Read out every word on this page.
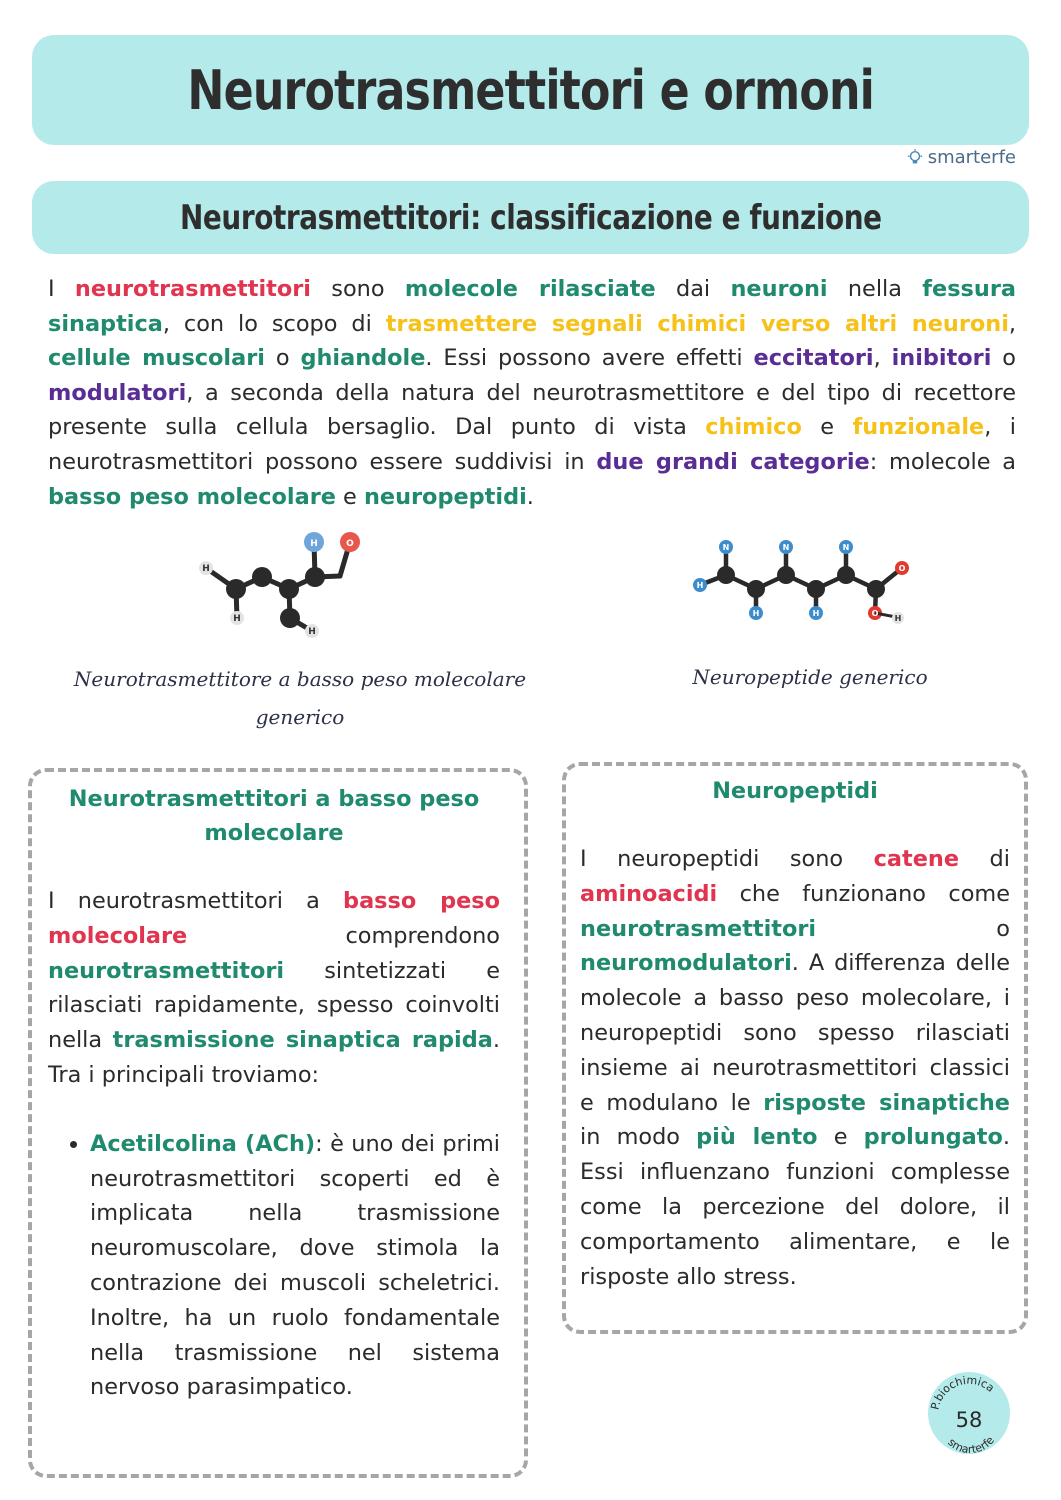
Neurotrasmettitori e ormoni
smarterfe
Neurotrasmettitori: classificazione e funzione

I neurotrasmettitori sono molecole rilasciate dai neuroni nella fessura sinaptica, con lo scopo di trasmettere segnali chimici verso altri neuroni, cellule muscolari o ghiandole. Essi possono avere effetti eccitatori, inibitori o modulatori, a seconda della natura del neurotrasmettitore e del tipo di recettore presente sulla cellula bersaglio. Dal punto di vista chimico e funzionale, i neurotrasmettitori possono essere suddivisi in due grandi categorie: molecole a basso peso molecolare e neuropeptidi.

H
H	O
H
H
H
N	N	N
H	H
O
O
H
Neurotrasmettitore a basso peso molecolare
generico
Neuropeptide generico
Neurotrasmettitori a basso peso
molecolare

I neurotrasmettitori a basso peso molecolare comprendono neurotrasmettitori sintetizzati e rilasciati rapidamente, spesso coinvolti nella trasmissione sinaptica rapida. Tra i principali troviamo:

• Acetilcolina (ACh): è uno dei primi neurotrasmettitori scoperti ed è implicata nella trasmissione neuromuscolare, dove stimola la contrazione dei muscoli scheletrici. Inoltre, ha un ruolo fondamentale nella trasmissione nel sistema nervoso parasimpatico.
Neuropeptidi

I neuropeptidi sono catene di aminoacidi che funzionano come neurotrasmettitori o neuromodulatori. A differenza delle molecole a basso peso molecolare, i neuropeptidi sono spesso rilasciati insieme ai neurotrasmettitori classici e modulano le risposte sinaptiche in modo più lento e prolungato. Essi influenzano funzioni complesse come la percezione del dolore, il comportamento alimentare, e le risposte allo stress.

P.biochimica
58
smarterfe
